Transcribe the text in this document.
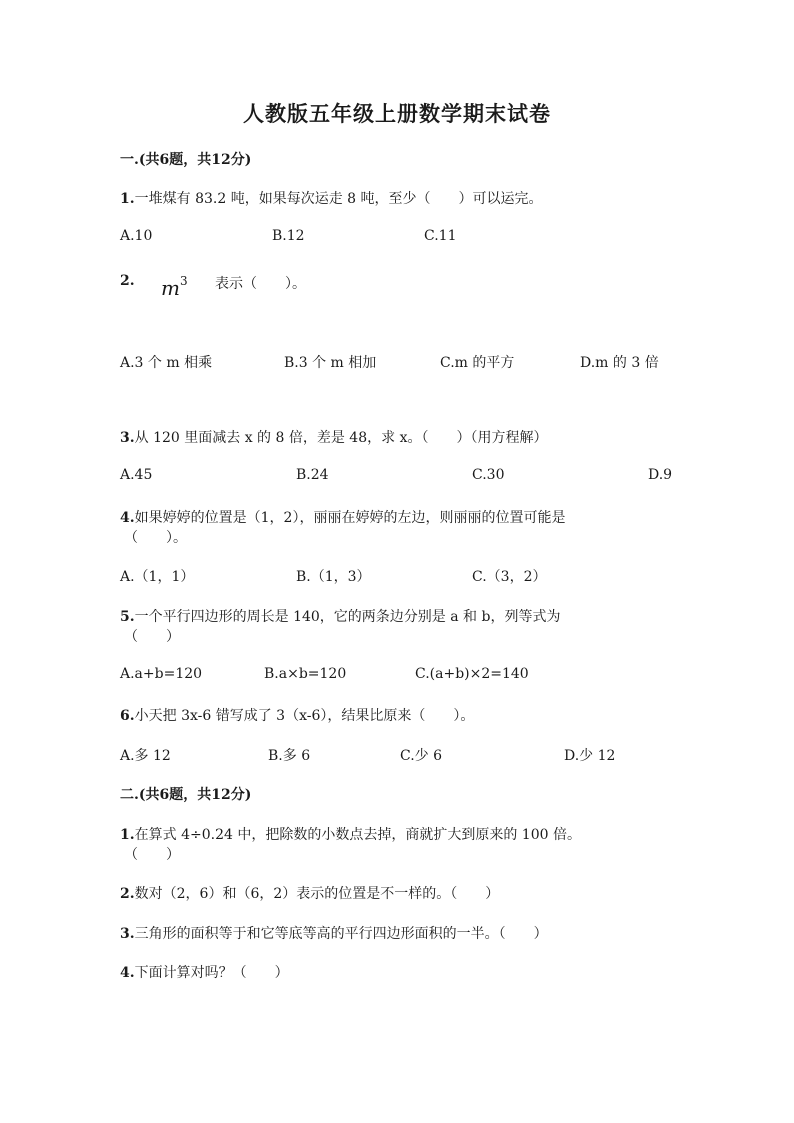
人教版五年级上册数学期末试卷
一.(共6题，共12分)
1.一堆煤有 83.2 吨，如果每次运走 8 吨，至少（　　）可以运完。
A.10	B.12	C.11
2. $m^3$ 表示（　　）。
A.3 个 m 相乘	B.3 个 m 相加	C.m 的平方	D.m 的 3 倍
3.从 120 里面减去 x 的 8 倍，差是 48，求 x。（　　）（用方程解）
A.45	B.24	C.30	D.9
4.如果婷婷的位置是（1，2），丽丽在婷婷的左边，则丽丽的位置可能是
（　　）。
A.（1，1）	B.（1，3）	C.（3，2）
5.一个平行四边形的周长是 140，它的两条边分别是 a 和 b，列等式为
（　　）
A.a+b=120	B.a×b=120	C.(a+b)×2=140
6.小天把 3x-6 错写成了 3（x-6），结果比原来（　　）。
A.多 12	B.多 6	C.少 6	D.少 12
二.(共6题，共12分)
1.在算式 4÷0.24 中，把除数的小数点去掉，商就扩大到原来的 100 倍。
（　　）
2.数对（2，6）和（6，2）表示的位置是不一样的。（　　）
3.三角形的面积等于和它等底等高的平行四边形面积的一半。（　　）
4.下面计算对吗？（　　）
